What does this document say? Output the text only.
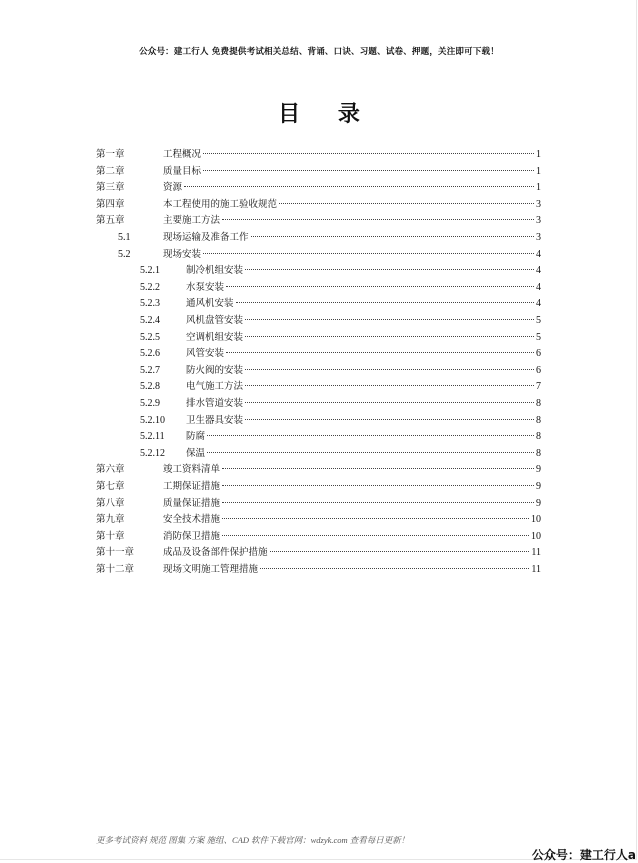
公众号：建工行人 免费提供考试相关总结、背诵、口诀、习题、试卷、押题，关注即可下载！
目 录
第一章	工程概况	1
第二章	质量目标	1
第三章	资源	1
第四章	本工程使用的施工验收规范	3
第五章	主要施工方法	3
5.1	现场运输及准备工作	3
5.2	现场安装	4
5.2.1	制冷机组安装	4
5.2.2	水泵安装	4
5.2.3	通风机安装	4
5.2.4	风机盘管安装	5
5.2.5	空调机组安装	5
5.2.6	风管安装	6
5.2.7	防火阀的安装	6
5.2.8	电气施工方法	7
5.2.9	排水管道安装	8
5.2.10	卫生器具安装	8
5.2.11	防腐	8
5.2.12	保温	8
第六章	竣工资料清单	9
第七章	工期保证措施	9
第八章	质量保证措施	9
第九章	安全技术措施	10
第十章	消防保卫措施	10
第十一章	成品及设备部件保护措施	11
第十二章	现场文明施工管理措施	11
更多考试资料 规范 图集 方案 施组、CAD 软件下载官网：wdzyk.com 查看每日更新！
公众号：建工行人a
